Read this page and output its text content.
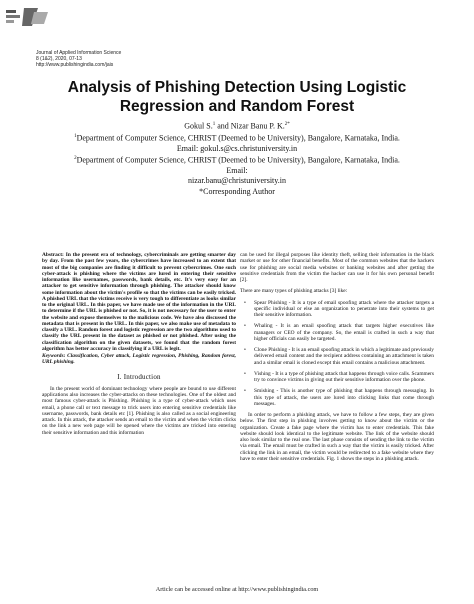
Journal of Applied Information Science
8 (1&2), 2020, 07-13
http://www.publishingindia.com/jais
Analysis of Phishing Detection Using Logistic
Regression and Random Forest
Gokul S.$^1$ and Nizar Banu P. K.$^{2*}$
$^1$Department of Computer Science, CHRIST (Deemed to be University), Bangalore, Karnataka, India.
Email: gokul.s@cs.christuniversity.in
$^2$Department of Computer Science, CHRIST (Deemed to be University), Bangalore, Karnataka, India.
Email:
nizar.banu@christuniversity.in
*Corresponding Author
Abstract: In the present era of technology, cybercriminals are getting smarter day by day. From the past few years, the cybercrimes have increased to an extent that most of the big companies are finding it difficult to prevent cybercrimes. One such cyber-attack is phishing where the victims are lured in entering their sensitive information like usernames, passwords, bank details, etc. It's very easy for an attacker to get sensitive information through phishing. The attacker should know some information about the victim's profile so that the victims can be easily tricked. A phished URL that the victims receive is very tough to differentiate as looks similar to the original URL. In this paper, we have made use of the information in the URL to determine if the URL is phished or not. So, it is not necessary for the user to enter the website and expose themselves to the malicious code. We have also discussed the metadata that is present in the URL. In this paper, we also make use of metadata to classify a URL. Random forest and logistic regression are the two algorithms used to classify the URL present in the dataset as phished or not phished. After using the classification algorithm on the given datasets, we found that the random forest algorithm has better accuracy in classifying if a URL is legit.
Keywords: Classification, Cyber attack, Logistic regression, Phishing, Random forest, URL phishing.
I. Introduction
In the present world of dominant technology where people are bound to use different applications also increases the cyber-attacks on these technologies. One of the oldest and most famous cyber-attack is Phishing. Phishing is a type of cyber-attack which uses email, a phone call or text message to trick users into entering sensitive credentials like username, passwords, bank details etc [1]. Phishing is also called as a social engineering attack. In this attack, the attacker sends an email to the victim and when the victim clicks on the link a new web page will be opened where the victims are tricked into entering their sensitive information and this information
can be used for illegal purposes like identity theft, selling their information in the black market or use for other financial benefits. Most of the common websites that the hackers use for phishing are social media websites or banking websites and after getting the sensitive credentials from the victim the hacker can use it for his own personal benefit [2].
There are many types of phishing attacks [3] like:
• Spear Phishing - It is a type of email spoofing attack where the attacker targets a specific individual or else an organization to penetrate into their systems to get their sensitive information.
• Whaling - It is an email spoofing attack that targets higher executives like managers or CEO of the company. So, the email is crafted in such a way that higher officials can easily be targeted.
• Clone Phishing - It is an email spoofing attack in which a legitimate and previously delivered email content and the recipient address containing an attachment is taken and a similar email is cloned except this email contains a malicious attachment.
• Vishing - It is a type of phishing attack that happens through voice calls. Scammers try to convince victims in giving out their sensitive information over the phone.
• Smishing - This is another type of phishing that happens through messaging. In this type of attack, the users are lured into clicking links that come through messages.
In order to perform a phishing attack, we have to follow a few steps, they are given below. The first step in phishing involves getting to know about the victim or the organization. Create a fake page where the victim has to enter credentials. This fake website should look identical to the legitimate website. The link of the website should also look similar to the real one. The last phase consists of sending the link to the victim via email. The email must be crafted in such a way that the victim is easily tricked. After clicking the link in an email, the victim would be redirected to a fake website where they have to enter their sensitive credentials. Fig. 1 shows the steps in a phishing attack.
Article can be accessed online at http://www.publishingindia.com
